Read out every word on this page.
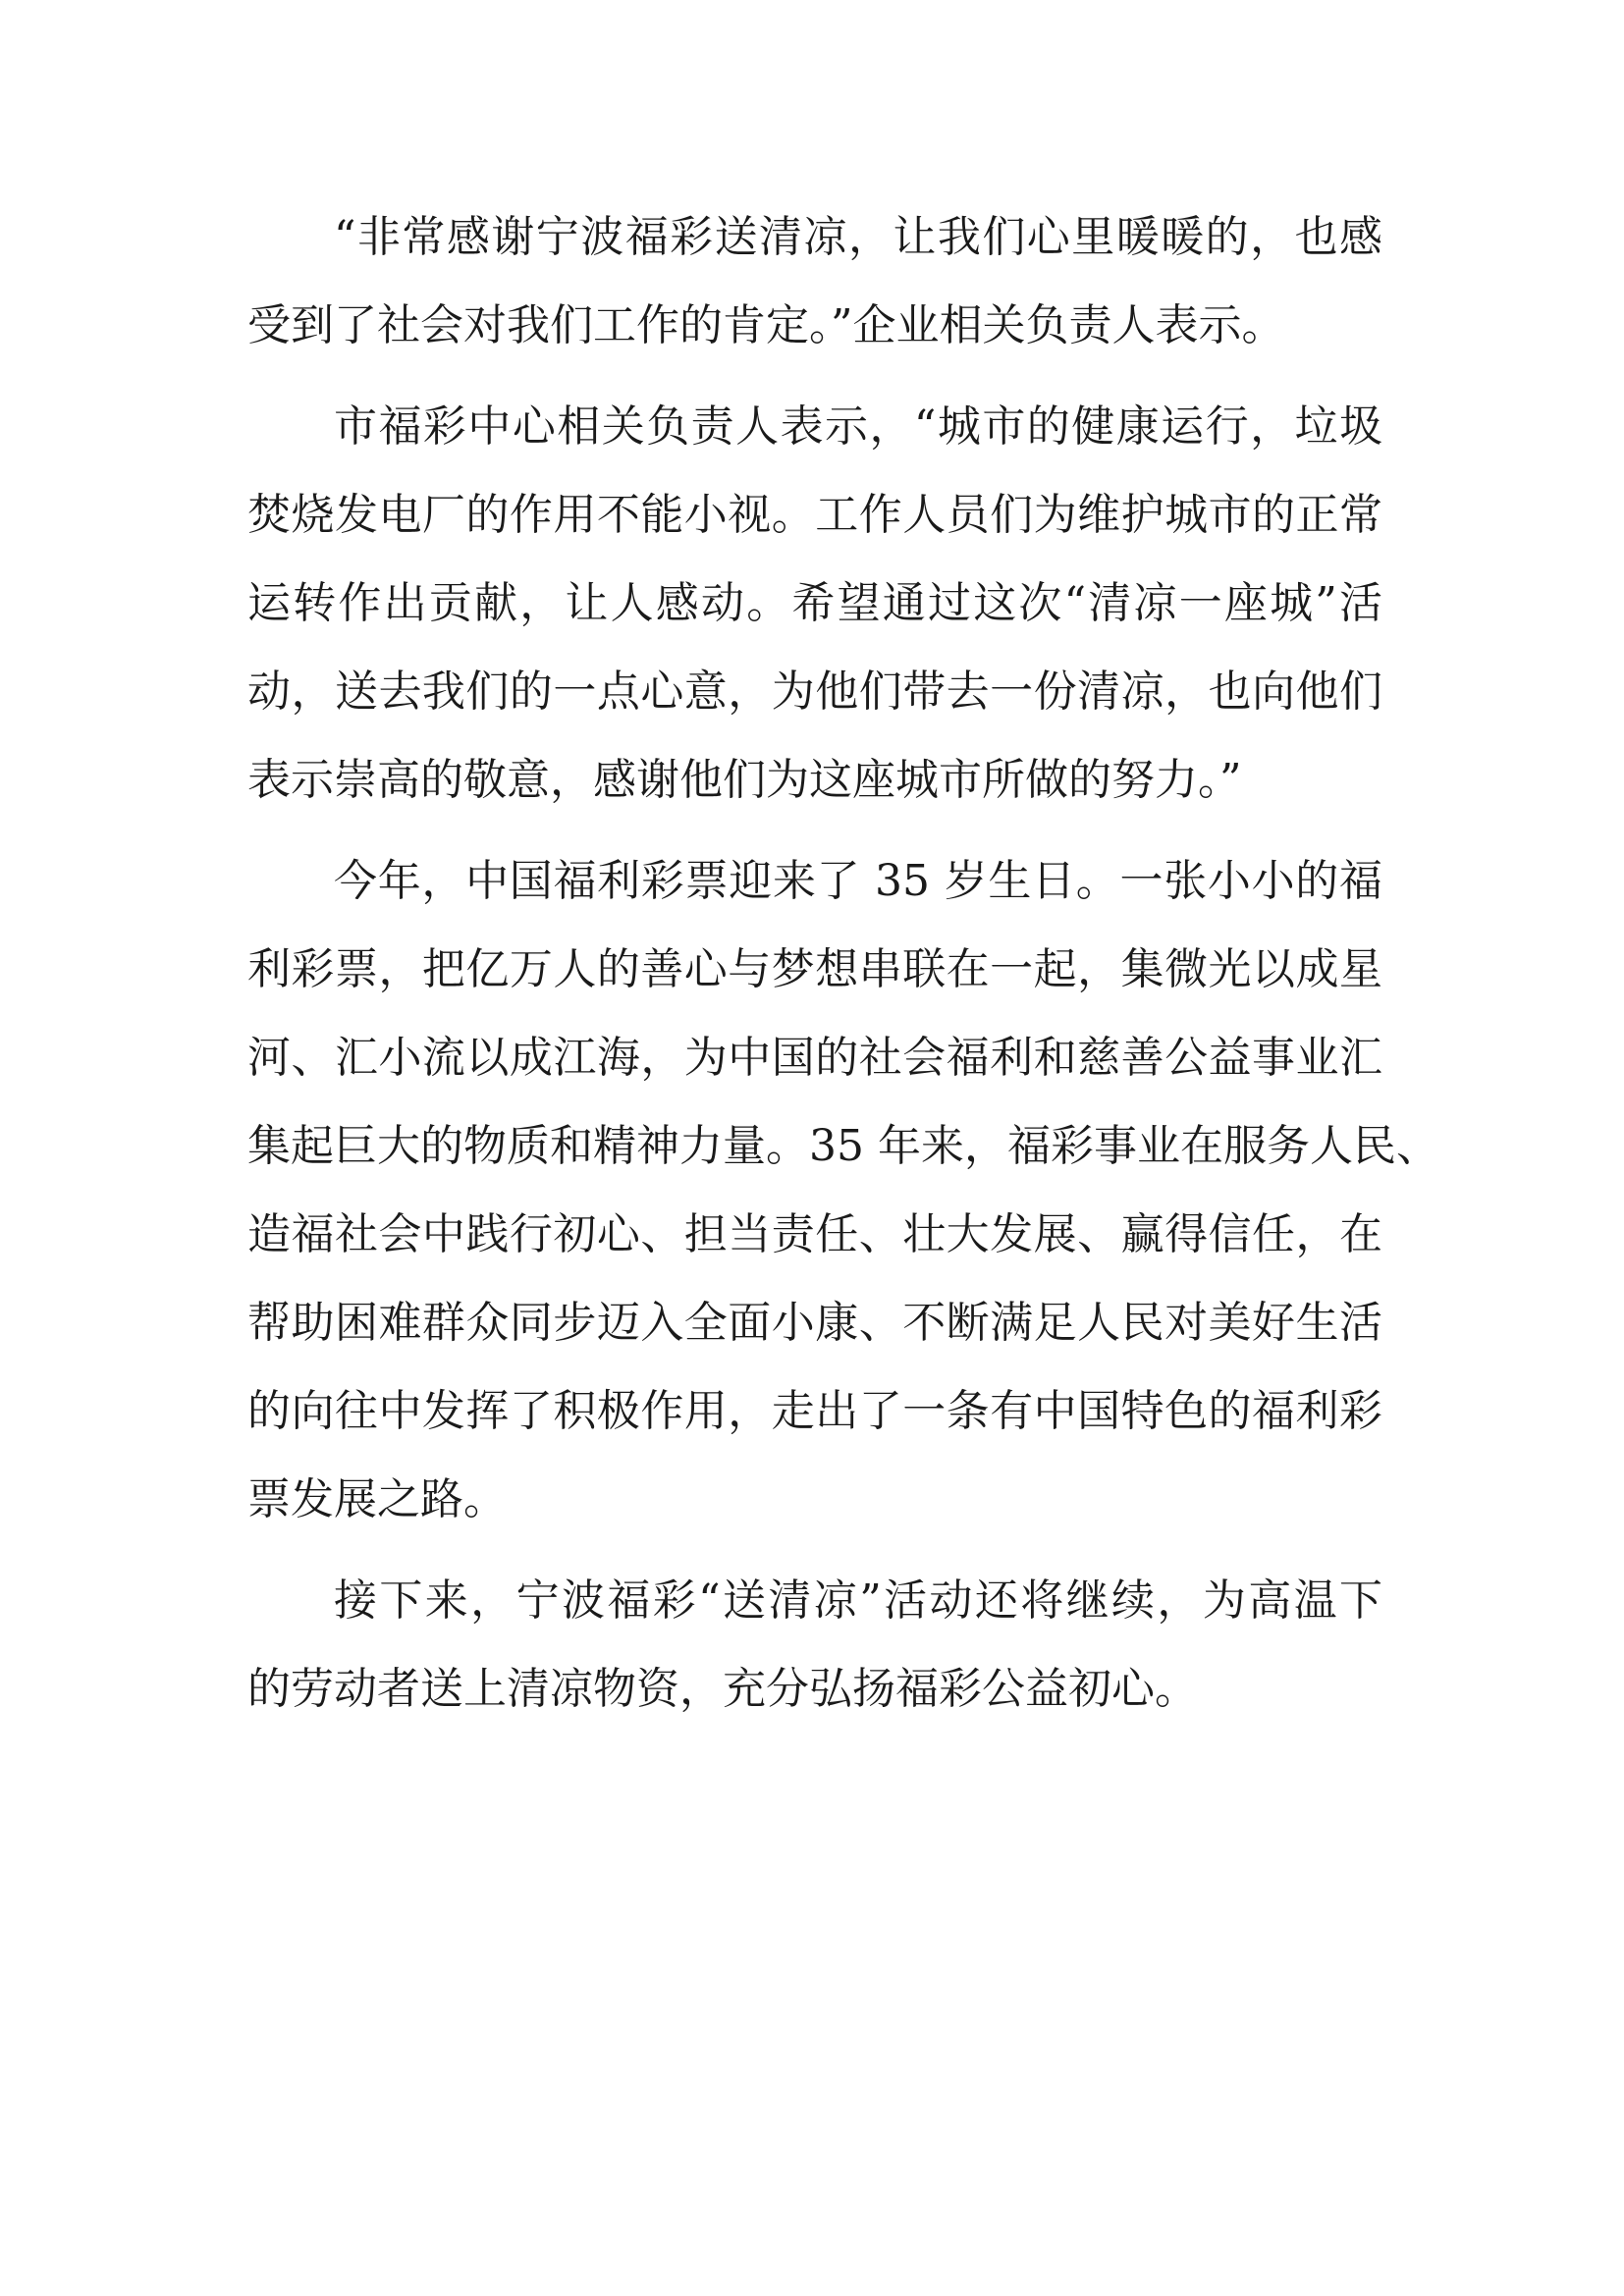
“非常感谢宁波福彩送清凉，让我们心里暖暖的，也感
受到了社会对我们工作的肯定。”企业相关负责人表示。
市福彩中心相关负责人表示，“城市的健康运行，垃圾
焚烧发电厂的作用不能小视。工作人员们为维护城市的正常
运转作出贡献，让人感动。希望通过这次“清凉一座城”活
动，送去我们的一点心意，为他们带去一份清凉，也向他们
表示崇高的敬意，感谢他们为这座城市所做的努力。”
今年，中国福利彩票迎来了 35 岁生日。一张小小的福
利彩票，把亿万人的善心与梦想串联在一起，集微光以成星
河、汇小流以成江海，为中国的社会福利和慈善公益事业汇
集起巨大的物质和精神力量。35 年来，福彩事业在服务人民、
造福社会中践行初心、担当责任、壮大发展、赢得信任，在
帮助困难群众同步迈入全面小康、不断满足人民对美好生活
的向往中发挥了积极作用，走出了一条有中国特色的福利彩
票发展之路。
接下来，宁波福彩“送清凉”活动还将继续，为高温下
的劳动者送上清凉物资，充分弘扬福彩公益初心。
